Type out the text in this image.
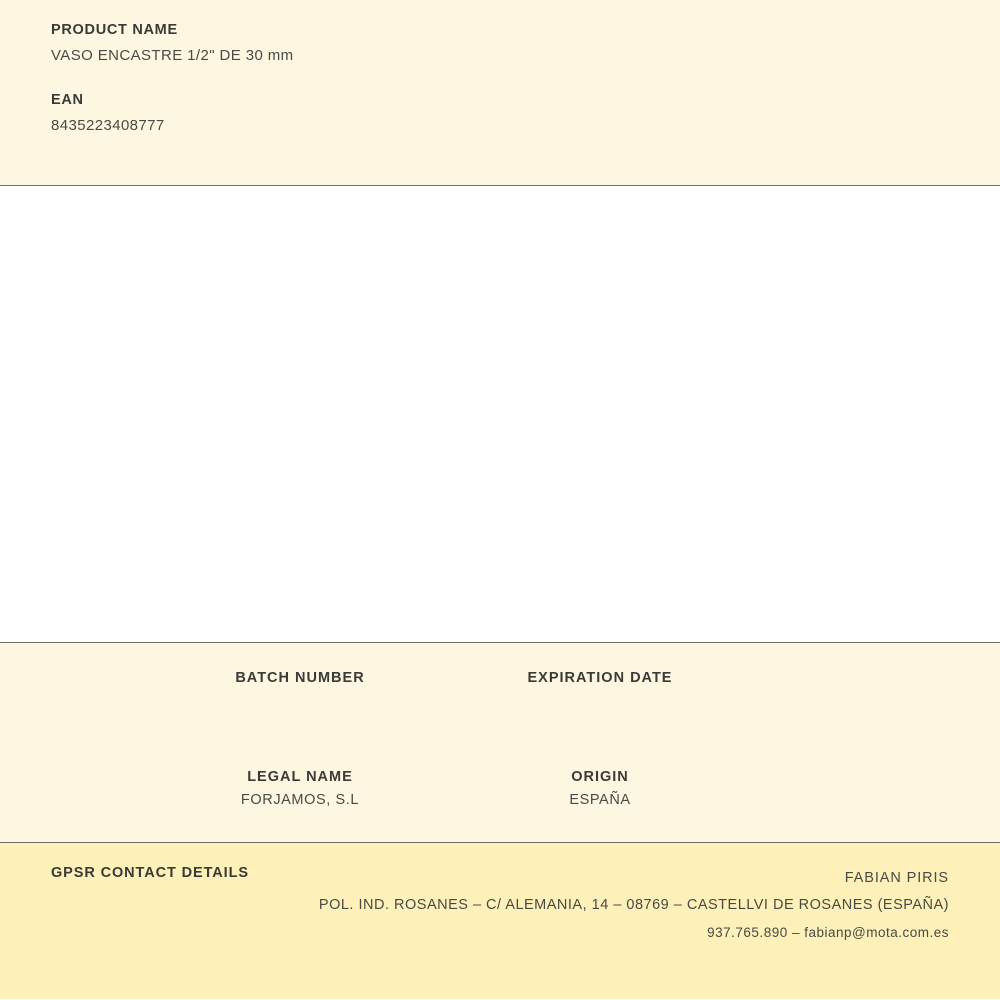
PRODUCT NAME
VASO ENCASTRE 1/2" DE 30 mm
EAN
8435223408777
BATCH NUMBER	EXPIRATION DATE
LEGAL NAME
FORJAMOS, S.L
ORIGIN
ESPAÑA
GPSR CONTACT DETAILS	FABIAN PIRIS
POL. IND. ROSANES – C/ ALEMANIA, 14 – 08769 – CASTELLVI DE ROSANES (ESPAÑA)
937.765.890 – fabianp@mota.com.es
